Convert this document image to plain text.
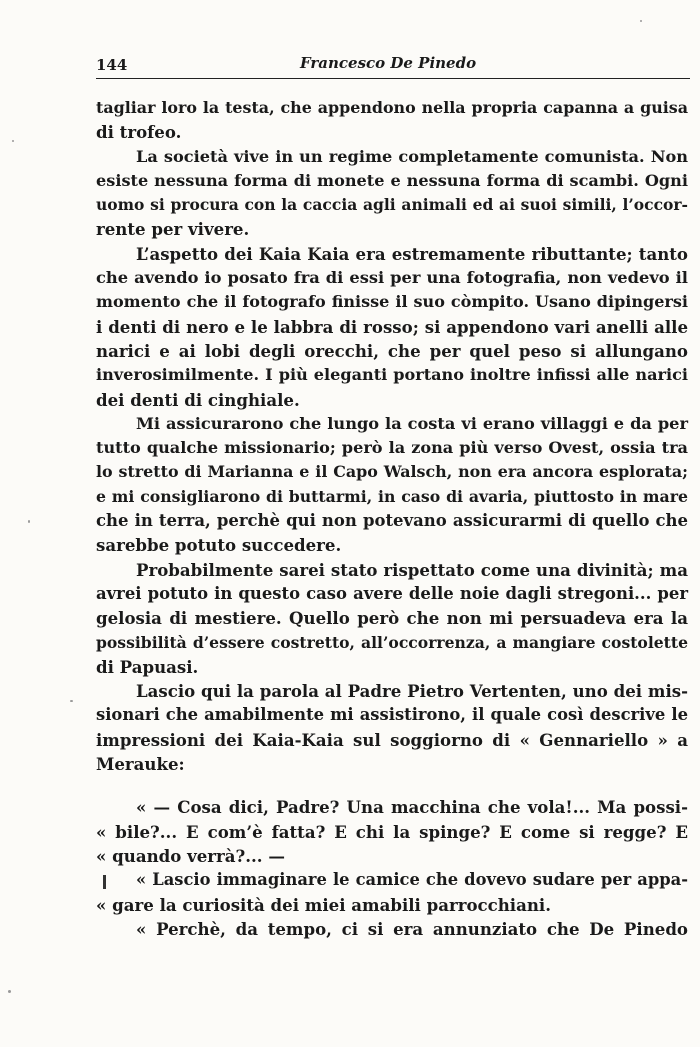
144	Francesco De Pinedo
tagliar loro la testa, che appendono nella propria capanna a guisa
di trofeo.
La società vive in un regime completamente comunista. Non
esiste nessuna forma di monete e nessuna forma di scambi. Ogni
uomo si procura con la caccia agli animali ed ai suoi simili, l’occor-
rente per vivere.
L’aspetto dei Kaia Kaia era estremamente ributtante; tanto
che avendo io posato fra di essi per una fotografia, non vedevo il
momento che il fotografo finisse il suo còmpito. Usano dipingersi
i denti di nero e le labbra di rosso; si appendono vari anelli alle
narici e ai lobi degli orecchi, che per quel peso si allungano
inverosimilmente. I più eleganti portano inoltre infissi alle narici
dei denti di cinghiale.
Mi assicurarono che lungo la costa vi erano villaggi e da per
tutto qualche missionario; però la zona più verso Ovest, ossia tra
lo stretto di Marianna e il Capo Walsch, non era ancora esplorata;
e mi consigliarono di buttarmi, in caso di avaria, piuttosto in mare
che in terra, perchè qui non potevano assicurarmi di quello che
sarebbe potuto succedere.
Probabilmente sarei stato rispettato come una divinità; ma
avrei potuto in questo caso avere delle noie dagli stregoni... per
gelosia di mestiere. Quello però che non mi persuadeva era la
possibilità d’essere costretto, all’occorrenza, a mangiare costolette
di Papuasi.
Lascio qui la parola al Padre Pietro Vertenten, uno dei mis-
sionari che amabilmente mi assistirono, il quale così descrive le
impressioni dei Kaia-Kaia sul soggiorno di « Gennariello » a
Merauke:
« — Cosa dici, Padre? Una macchina che vola!... Ma possi-
« bile?... E com’è fatta? E chi la spinge? E come si regge? E
« quando verrà?... —
« Lascio immaginare le camice che dovevo sudare per appa-
« gare la curiosità dei miei amabili parrocchiani.
« Perchè, da tempo, ci si era annunziato che De Pinedo
